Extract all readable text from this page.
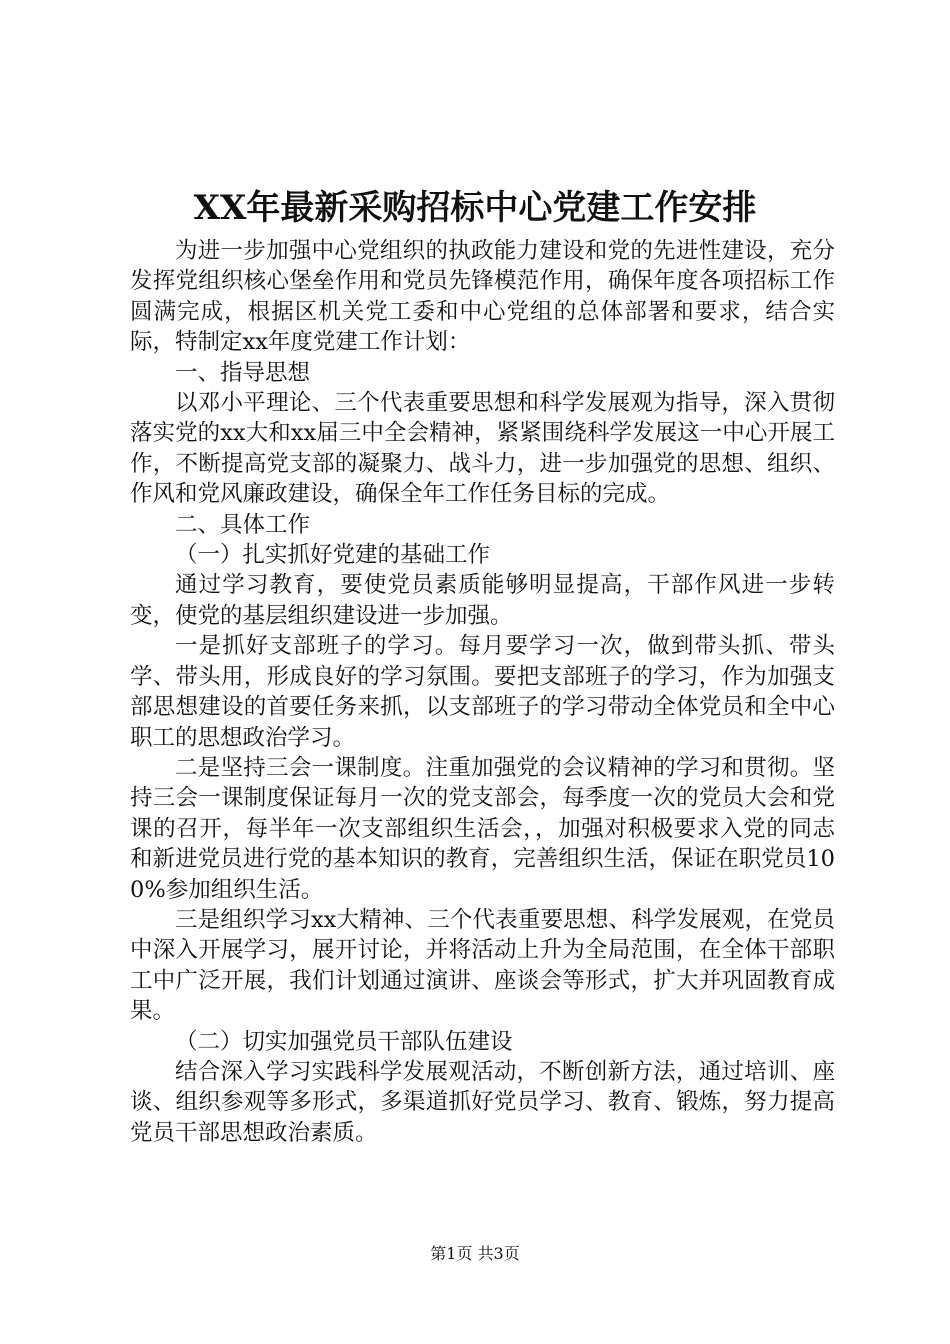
XX年最新采购招标中心党建工作安排

为进一步加强中心党组织的执政能力建设和党的先进性建设，充分发挥党组织核心堡垒作用和党员先锋模范作用，确保年度各项招标工作圆满完成，根据区机关党工委和中心党组的总体部署和要求，结合实际，特制定xx年度党建工作计划：

一、指导思想

以邓小平理论、三个代表重要思想和科学发展观为指导，深入贯彻落实党的xx大和xx届三中全会精神，紧紧围绕科学发展这一中心开展工作，不断提高党支部的凝聚力、战斗力，进一步加强党的思想、组织、作风和党风廉政建设，确保全年工作任务目标的完成。

二、具体工作

（一）扎实抓好党建的基础工作

通过学习教育，要使党员素质能够明显提高，干部作风进一步转变，使党的基层组织建设进一步加强。

一是抓好支部班子的学习。每月要学习一次，做到带头抓、带头学、带头用，形成良好的学习氛围。要把支部班子的学习，作为加强支部思想建设的首要任务来抓，以支部班子的学习带动全体党员和全中心职工的思想政治学习。

二是坚持三会一课制度。注重加强党的会议精神的学习和贯彻。坚持三会一课制度保证每月一次的党支部会，每季度一次的党员大会和党课的召开，每半年一次支部组织生活会，，加强对积极要求入党的同志和新进党员进行党的基本知识的教育，完善组织生活，保证在职党员100%参加组织生活。

三是组织学习xx大精神、三个代表重要思想、科学发展观，在党员中深入开展学习，展开讨论，并将活动上升为全局范围，在全体干部职工中广泛开展，我们计划通过演讲、座谈会等形式，扩大并巩固教育成果。

（二）切实加强党员干部队伍建设

结合深入学习实践科学发展观活动，不断创新方法，通过培训、座谈、组织参观等多形式，多渠道抓好党员学习、教育、锻炼，努力提高党员干部思想政治素质。

第1页 共3页
